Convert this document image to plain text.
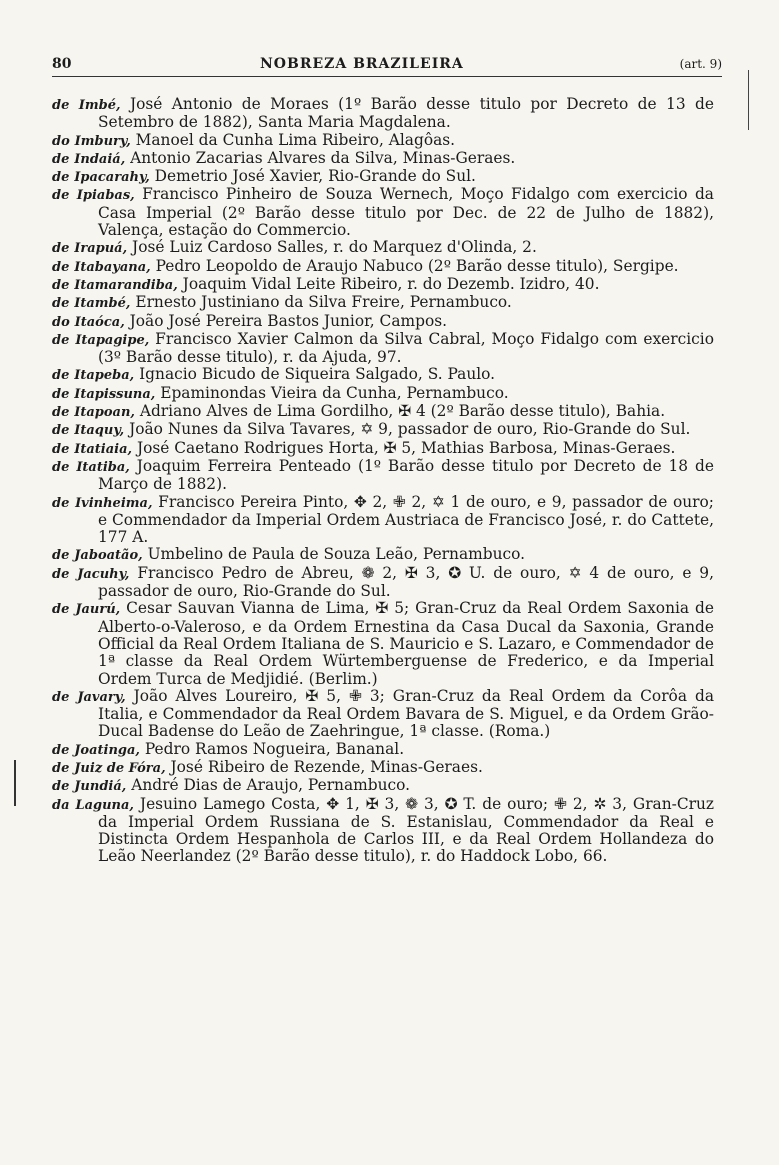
80	NOBREZA BRAZILEIRA	(art. 9)

de Imbé, José Antonio de Moraes (1º Barão desse titulo por Decreto de 13 de Setembro de 1882), Santa Maria Magdalena.

do Imbury, Manoel da Cunha Lima Ribeiro, Alagôas.

de Indaiá, Antonio Zacarias Alvares da Silva, Minas-Geraes.

de Ipacarahy, Demetrio José Xavier, Rio-Grande do Sul.

de Ipiabas, Francisco Pinheiro de Souza Wernech, Moço Fidalgo com exercicio da Casa Imperial (2º Barão desse titulo por Dec. de 22 de Julho de 1882), Valença, estação do Commercio.

de Irapuá, José Luiz Cardoso Salles, r. do Marquez d'Olinda, 2.

de Itabayana, Pedro Leopoldo de Araujo Nabuco (2º Barão desse titulo), Sergipe.

de Itamarandiba, Joaquim Vidal Leite Ribeiro, r. do Dezemb. Izidro, 40.

de Itambé, Ernesto Justiniano da Silva Freire, Pernambuco.

do Itaóca, João José Pereira Bastos Junior, Campos.

de Itapagipe, Francisco Xavier Calmon da Silva Cabral, Moço Fidalgo com exercicio (3º Barão desse titulo), r. da Ajuda, 97.

de Itapeba, Ignacio Bicudo de Siqueira Salgado, S. Paulo.

de Itapissuna, Epaminondas Vieira da Cunha, Pernambuco.

de Itapoan, Adriano Alves de Lima Gordilho, ✠ 4 (2º Barão desse titulo), Bahia.

de Itaquy, João Nunes da Silva Tavares, ✡ 9, passador de ouro, Rio-Grande do Sul.

de Itatiaia, José Caetano Rodrigues Horta, ✠ 5, Mathias Barbosa, Minas-Geraes.

de Itatiba, Joaquim Ferreira Penteado (1º Barão desse titulo por Decreto de 18 de Março de 1882).

de Ivinheima, Francisco Pereira Pinto, ✥ 2, ✙ 2, ✡ 1 de ouro, e 9, passador de ouro; e Commendador da Imperial Ordem Austriaca de Francisco José, r. do Cattete, 177 A.

de Jaboatão, Umbelino de Paula de Souza Leão, Pernambuco.

de Jacuhy, Francisco Pedro de Abreu, ❁ 2, ✠ 3, ✪ U. de ouro, ✡ 4 de ouro, e 9, passador de ouro, Rio-Grande do Sul.

de Jaurú, Cesar Sauvan Vianna de Lima, ✠ 5; Gran-Cruz da Real Ordem Saxonia de Alberto-o-Valeroso, e da Ordem Ernestina da Casa Ducal da Saxonia, Grande Official da Real Ordem Italiana de S. Mauricio e S. Lazaro, e Commendador de 1ª classe da Real Ordem Würtemberguense de Frederico, e da Imperial Ordem Turca de Medjidié. (Berlim.)

de Javary, João Alves Loureiro, ✠ 5, ✙ 3; Gran-Cruz da Real Ordem da Corôa da Italia, e Commendador da Real Ordem Bavara de S. Miguel, e da Ordem Grão-Ducal Badense do Leão de Zaehringue, 1ª classe. (Roma.)

de Joatinga, Pedro Ramos Nogueira, Bananal.

de Juiz de Fóra, José Ribeiro de Rezende, Minas-Geraes.

de Jundiá, André Dias de Araujo, Pernambuco.

da Laguna, Jesuino Lamego Costa, ✥ 1, ✠ 3, ❁ 3, ✪ T. de ouro; ✙ 2, ✲ 3, Gran-Cruz da Imperial Ordem Russiana de S. Estanislau, Commendador da Real e Distincta Ordem Hespanhola de Carlos III, e da Real Ordem Hollandeza do Leão Neerlandez (2º Barão desse titulo), r. do Haddock Lobo, 66.
